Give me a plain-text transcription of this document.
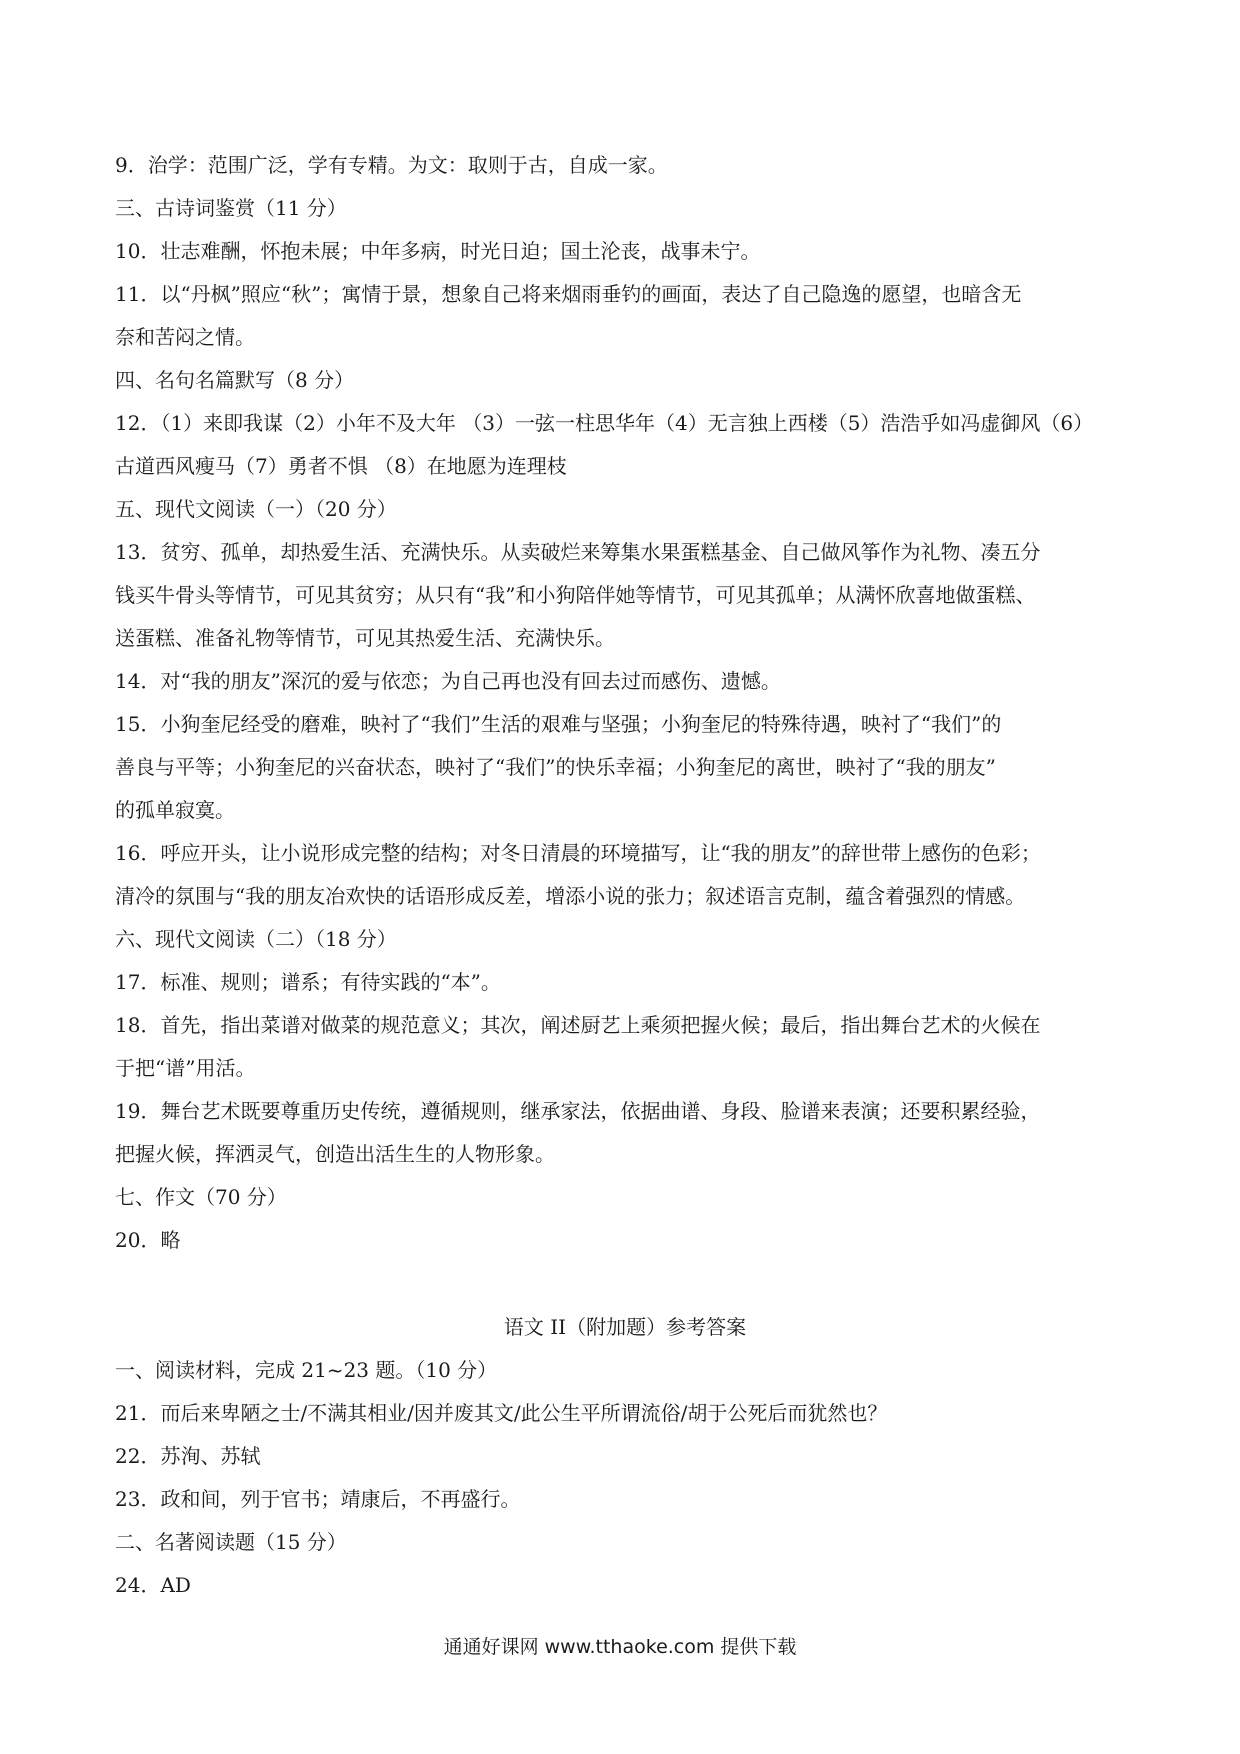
9．治学：范围广泛，学有专精。为文：取则于古，自成一家。

三、古诗词鉴赏（11 分）

10．壮志难酬，怀抱未展；中年多病，时光日迫；国土沦丧，战事未宁。

11．以“丹枫”照应“秋”；寓情于景，想象自己将来烟雨垂钓的画面，表达了自己隐逸的愿望，也暗含无

奈和苦闷之情。

四、名句名篇默写（8 分）

12．（1）来即我谋（2）小年不及大年 （3）一弦一柱思华年（4）无言独上西楼（5）浩浩乎如冯虚御风（6）

古道西风瘦马（7）勇者不惧 （8）在地愿为连理枝

五、现代文阅读（一）（20 分）

13．贫穷、孤单，却热爱生活、充满快乐。从卖破烂来筹集水果蛋糕基金、自己做风筝作为礼物、凑五分

钱买牛骨头等情节，可见其贫穷；从只有“我”和小狗陪伴她等情节，可见其孤单；从满怀欣喜地做蛋糕、

送蛋糕、准备礼物等情节，可见其热爱生活、充满快乐。

14．对“我的朋友”深沉的爱与依恋；为自己再也没有回去过而感伤、遗憾。

15．小狗奎尼经受的磨难，映衬了“我们”生活的艰难与坚强；小狗奎尼的特殊待遇，映衬了“我们”的

善良与平等；小狗奎尼的兴奋状态，映衬了“我们”的快乐幸福；小狗奎尼的离世，映衬了“我的朋友”

的孤单寂寞。

16．呼应开头，让小说形成完整的结构；对冬日清晨的环境描写，让“我的朋友”的辞世带上感伤的色彩；

清冷的氛围与“我的朋友冶欢快的话语形成反差，增添小说的张力；叙述语言克制，蕴含着强烈的情感。

六、现代文阅读（二）（18 分）

17．标准、规则；谱系；有待实践的“本”。

18．首先，指出菜谱对做菜的规范意义；其次，阐述厨艺上乘须把握火候；最后，指出舞台艺术的火候在

于把“谱”用活。

19．舞台艺术既要尊重历史传统，遵循规则，继承家法，依据曲谱、身段、脸谱来表演；还要积累经验，

把握火候，挥洒灵气，创造出活生生的人物形象。

七、作文（70 分）

20．略

语文 II（附加题）参考答案

一、阅读材料，完成 21~23 题。（10 分）

21．而后来卑陋之士/不满其相业/因并废其文/此公生平所谓流俗/胡于公死后而犹然也？

22．苏洵、苏轼

23．政和间，列于官书；靖康后，不再盛行。

二、名著阅读题（15 分）

24．AD

通通好课网 www.tthaoke.com 提供下载
